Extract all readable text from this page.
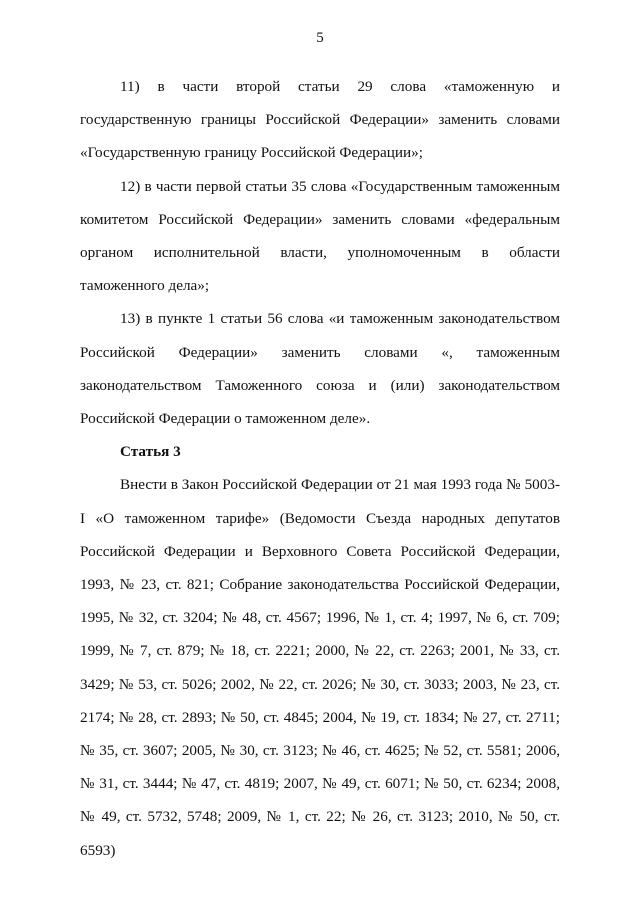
5

11) в части второй статьи 29 слова «таможенную и государственную границы Российской Федерации» заменить словами «Государственную границу Российской Федерации»;

12) в части первой статьи 35 слова «Государственным таможенным комитетом Российской Федерации» заменить словами «федеральным органом исполнительной власти, уполномоченным в области таможенного дела»;

13) в пункте 1 статьи 56 слова «и таможенным законодательством Российской Федерации» заменить словами «, таможенным законодательством Таможенного союза и (или) законодательством Российской Федерации о таможенном деле».

Статья 3

Внести в Закон Российской Федерации от 21 мая 1993 года № 5003-I «О таможенном тарифе» (Ведомости Съезда народных депутатов Российской Федерации и Верховного Совета Российской Федерации, 1993, № 23, ст. 821; Собрание законодательства Российской Федерации, 1995, № 32, ст. 3204; № 48, ст. 4567; 1996, № 1, ст. 4; 1997, № 6, ст. 709; 1999, № 7, ст. 879; № 18, ст. 2221; 2000, № 22, ст. 2263; 2001, № 33, ст. 3429; № 53, ст. 5026; 2002, № 22, ст. 2026; № 30, ст. 3033; 2003, № 23, ст. 2174; № 28, ст. 2893; № 50, ст. 4845; 2004, № 19, ст. 1834; № 27, ст. 2711; № 35, ст. 3607; 2005, № 30, ст. 3123; № 46, ст. 4625; № 52, ст. 5581; 2006, № 31, ст. 3444; № 47, ст. 4819; 2007, № 49, ст. 6071; № 50, ст. 6234; 2008, № 49, ст. 5732, 5748; 2009, № 1, ст. 22; № 26, ст. 3123; 2010, № 50, ст. 6593)
